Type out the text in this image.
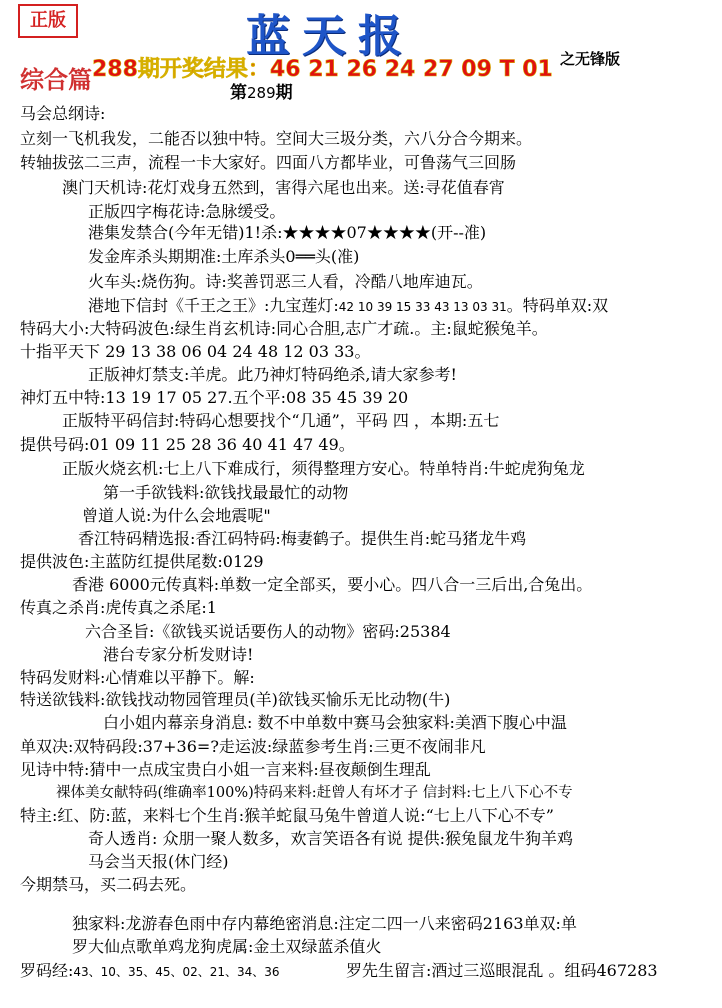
正版	蓝天报
288期开奖结果：46 21 26 24 27 09 T 01 之无锋版
综合篇	第289期
马会总纲诗:
立刻一飞机我发，二能否以独中特。空间大三圾分类，六八分合今期来。
转轴拔弦二三声，流程一卡大家好。四面八方都毕业，可鲁荡气三回肠
澳门天机诗:花灯戏身五然到，害得六尾也出来。送:寻花值春宵
正版四字梅花诗:急脉缓受。
港集发禁合(今年无错)1!杀:★★★★07★★★★(开--准)
发金库杀头期期准:土库杀头0══头(准)
火车头:烧伤狗。诗:奖善罚恶三人看，冷酷八地库迪瓦。
港地下信封《千王之王》:九宝莲灯:42 10 39 15 33 43 13 03 31。特码单双:双
特码大小:大特码波色:绿生肖玄机诗:同心合胆,志广才疏.。主:鼠蛇猴兔羊。
十指平天下 29 13 38 06 04 24 48 12 03 33。
正版神灯禁支:羊虎。此乃神灯特码绝杀,请大家参考!
神灯五中特:13 19 17 05 27.五个平:08 35 45 39 20
正版特平码信封:特码心想要找个“几通”，平码 四 ，本期:五七
提供号码:01 09 11 25 28 36 40 41 47 49。
正版火烧玄机:七上八下难成行，须得整理方安心。特单特肖:牛蛇虎狗兔龙
第一手欲钱料:欲钱找最最忙的动物
曾道人说:为什么会地震呢"
香江特码精选报:香江码特码:梅妻鹤子。提供生肖:蛇马猪龙牛鸡
提供波色:主蓝防红提供尾数:0129
香港 6000元传真料:单数一定全部买，要小心。四八合一三后出,合兔出。
传真之杀肖:虎传真之杀尾:1
六合圣旨:《欲钱买说话要伤人的动物》密码:25384
港台专家分析发财诗!
特码发财料:心情难以平静下。解:
特送欲钱料:欲钱找动物园管理员(羊)欲钱买愉乐无比动物(牛)
白小姐内幕亲身消息: 数不中单数中赛马会独家料:美酒下腹心中温
单双决:双特码段:37+36=?走运波:绿蓝参考生肖:三更不夜闹非凡
见诗中特:猜中一点成宝贵白小姐一言来料:昼夜颠倒生理乱
裸体美女献特码(维确率100%)特码来料:赶曾人有坏才子 信封料:七上八下心不专
特主:红、防:蓝，来料七个生肖:猴羊蛇鼠马兔牛曾道人说:“七上八下心不专”
奇人透肖: 众朋一聚人数多，欢言笑语各有说 提供:猴兔鼠龙牛狗羊鸡
马会当天报(休门经)
今期禁马，买二码去死。
独家料:龙游春色雨中存内幕绝密消息:注定二四一八来密码2163单双:单
罗大仙点歌单鸡龙狗虎属:金土双绿蓝杀值火
罗码经:43、10、35、45、02、21、34、36	罗先生留言:酒过三巡眼混乱 。组码467283
